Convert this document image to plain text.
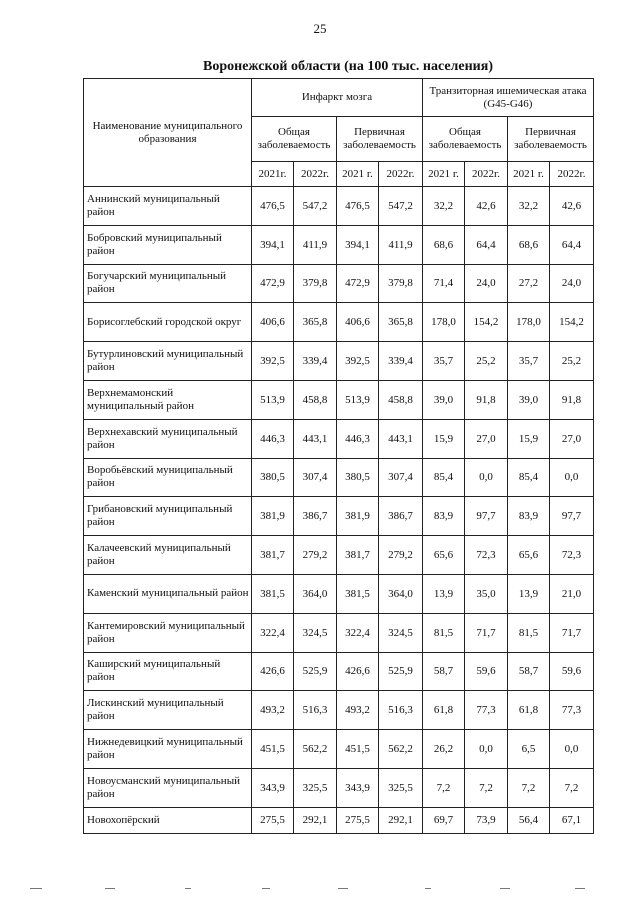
25
Воронежской области (на 100 тыс. населения)
Наименование муниципального образования	Инфаркт мозга				Транзиторная ишемическая атака (G45-G46)			
	Общая заболеваемость		Первичная заболеваемость		Общая заболеваемость		Первичная заболеваемость	
	2021г.	2022г.	2021 г.	2022г.	2021 г.	2022г.	2021 г.	2022г.
Аннинский муниципальный район	476,5	547,2	476,5	547,2	32,2	42,6	32,2	42,6
Бобровский муниципальный район	394,1	411,9	394,1	411,9	68,6	64,4	68,6	64,4
Богучарский муниципальный район	472,9	379,8	472,9	379,8	71,4	24,0	27,2	24,0
Борисоглебский городской округ	406,6	365,8	406,6	365,8	178,0	154,2	178,0	154,2
Бутурлиновский муниципальный район	392,5	339,4	392,5	339,4	35,7	25,2	35,7	25,2
Верхнемамонский муниципальный район	513,9	458,8	513,9	458,8	39,0	91,8	39,0	91,8
Верхнехавский муниципальный район	446,3	443,1	446,3	443,1	15,9	27,0	15,9	27,0
Воробьёвский муниципальный район	380,5	307,4	380,5	307,4	85,4	0,0	85,4	0,0
Грибановский муниципальный район	381,9	386,7	381,9	386,7	83,9	97,7	83,9	97,7
Калачеевский муниципальный район	381,7	279,2	381,7	279,2	65,6	72,3	65,6	72,3
Каменский муниципальный район	381,5	364,0	381,5	364,0	13,9	35,0	13,9	21,0
Кантемировский муниципальный район	322,4	324,5	322,4	324,5	81,5	71,7	81,5	71,7
Каширский муниципальный район	426,6	525,9	426,6	525,9	58,7	59,6	58,7	59,6
Лискинский муниципальный район	493,2	516,3	493,2	516,3	61,8	77,3	61,8	77,3
Нижнедевицкий муниципальный район	451,5	562,2	451,5	562,2	26,2	0,0	6,5	0,0
Новоусманский муниципальный район	343,9	325,5	343,9	325,5	7,2	7,2	7,2	7,2
Новохопёрский	275,5	292,1	275,5	292,1	69,7	73,9	56,4	67,1
